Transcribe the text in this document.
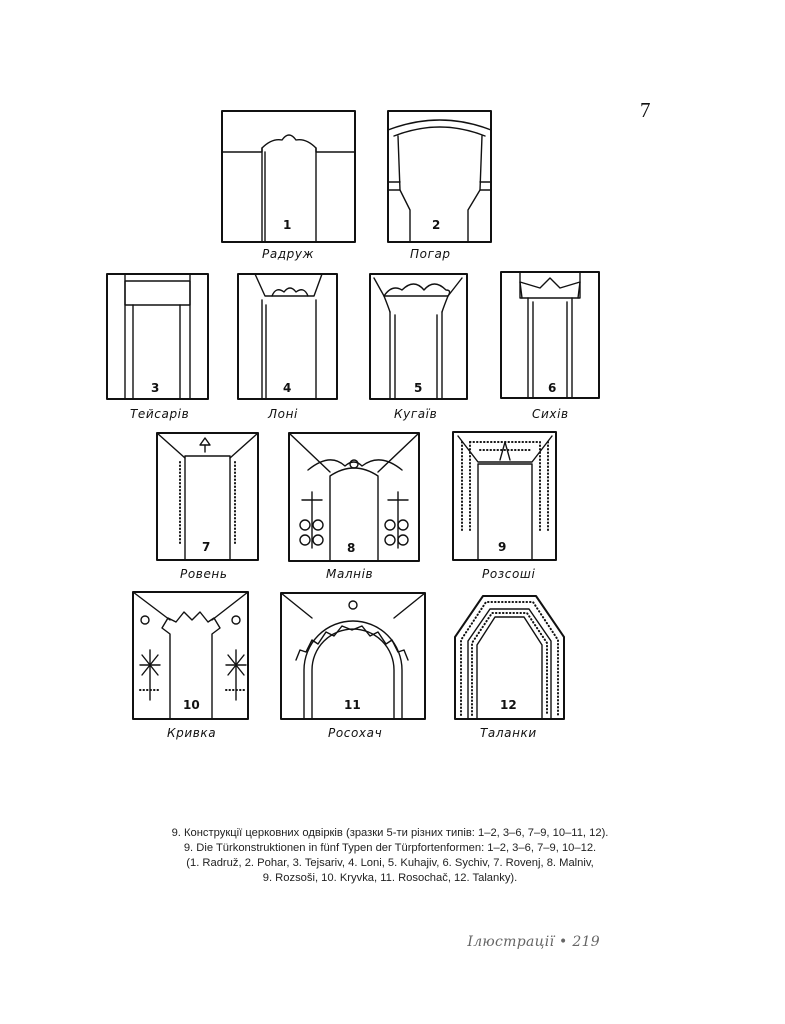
7
1
Радруж
2
Погар
3
Тейсарів
4
Лоні
5
Кугаїв
6
Сихів
7
Ровень
8
Малнів
9
Розсоші
10
Кривка
11
Росохач
12
Таланки
9. Конструкції церковних одвірків (зразки 5-ти різних типів: 1–2, 3–6, 7–9, 10–11, 12).
9. Die Türkonstruktionen in fünf Typen der Türpfortenformen: 1–2, 3–6, 7–9, 10–12.
(1. Radruž, 2. Pohar, 3. Tejsariv, 4. Loni, 5. Kuhajiv, 6. Sychiv, 7. Rovenj, 8. Malniv,
9. Rozsoši, 10. Kryvka, 11. Rosochač, 12. Talanky).
Ілюстрації • 219
